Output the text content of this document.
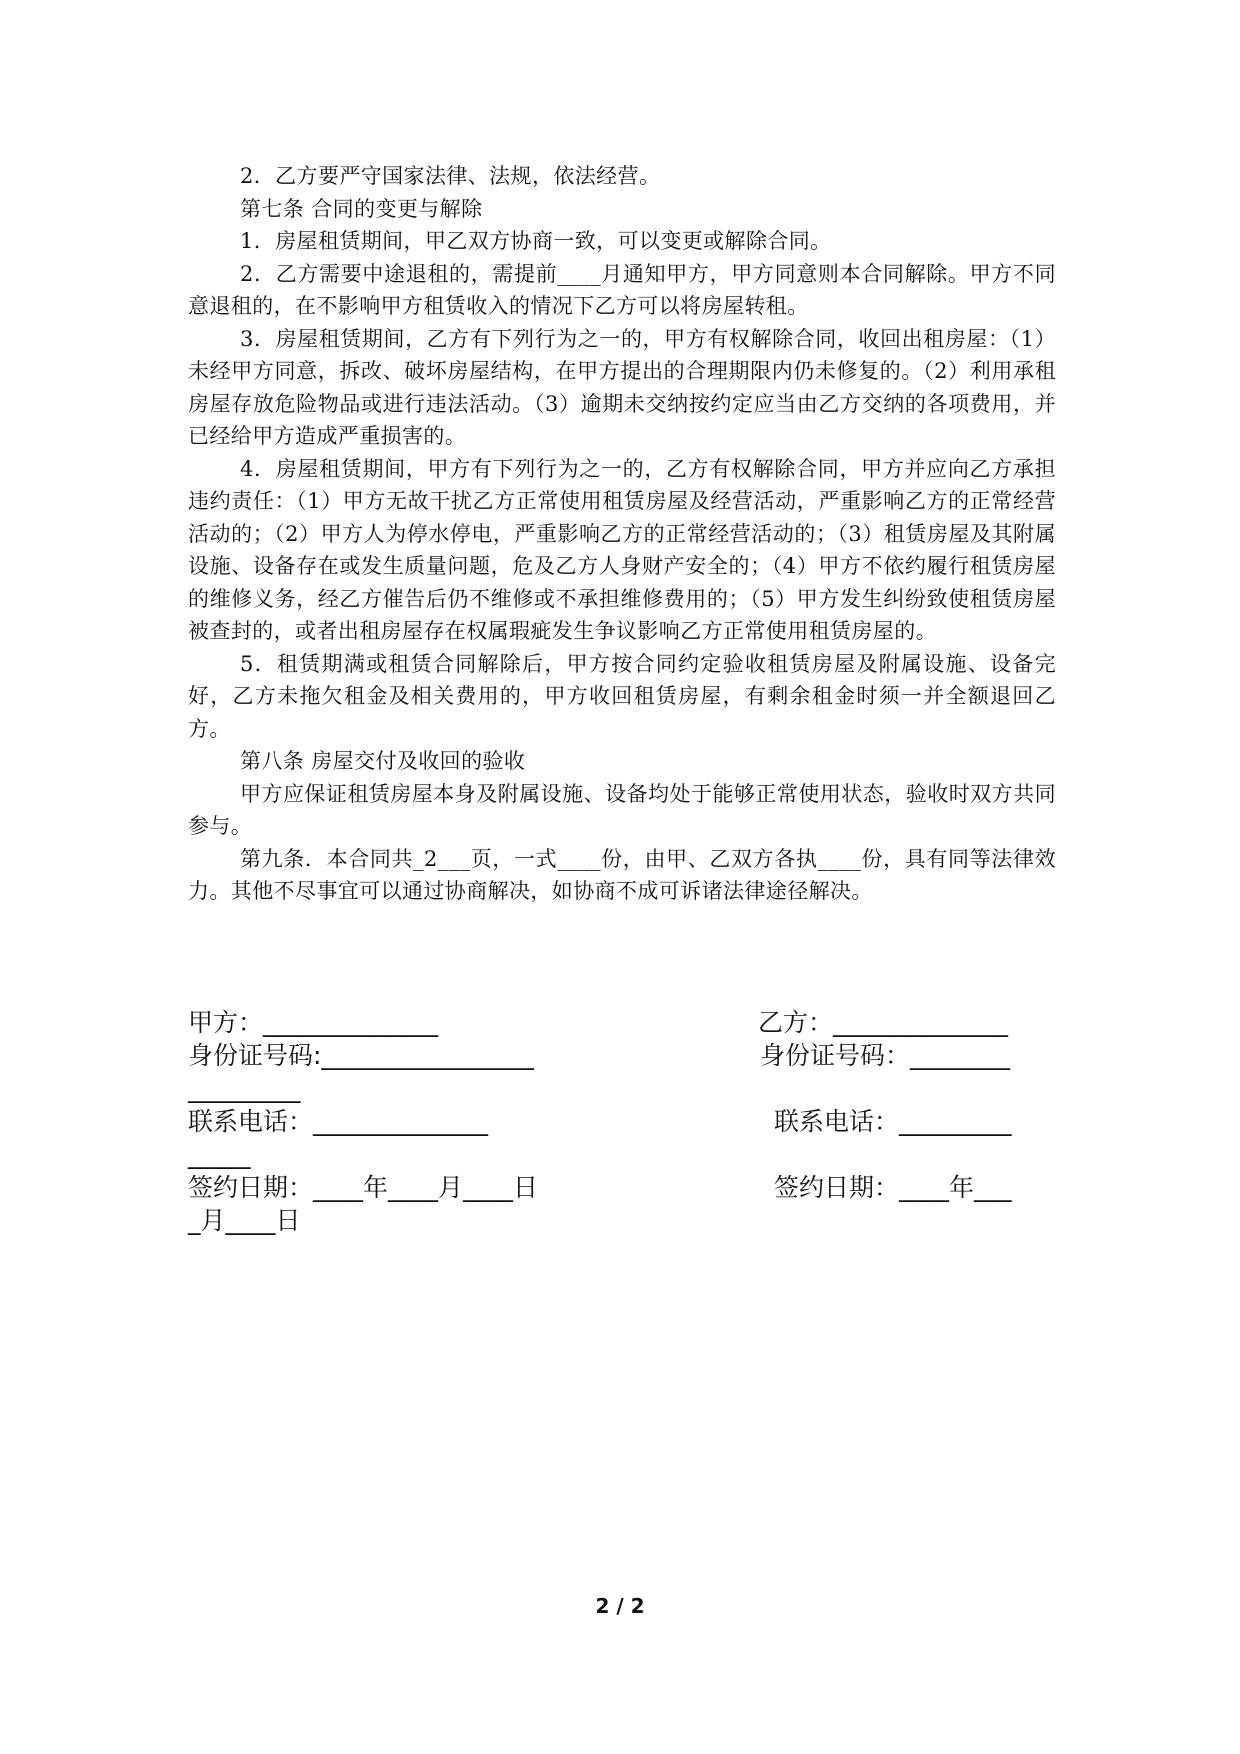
2．乙方要严守国家法律、法规，依法经营。

第七条 合同的变更与解除

1．房屋租赁期间，甲乙双方协商一致，可以变更或解除合同。

2．乙方需要中途退租的，需提前____月通知甲方，甲方同意则本合同解除。甲方不同意退租的，在不影响甲方租赁收入的情况下乙方可以将房屋转租。

3．房屋租赁期间，乙方有下列行为之一的，甲方有权解除合同，收回出租房屋：（1）未经甲方同意，拆改、破坏房屋结构，在甲方提出的合理期限内仍未修复的。（2）利用承租房屋存放危险物品或进行违法活动。（3）逾期未交纳按约定应当由乙方交纳的各项费用，并已经给甲方造成严重损害的。

4．房屋租赁期间，甲方有下列行为之一的，乙方有权解除合同，甲方并应向乙方承担违约责任：（1）甲方无故干扰乙方正常使用租赁房屋及经营活动，严重影响乙方的正常经营活动的；（2）甲方人为停水停电，严重影响乙方的正常经营活动的；（3）租赁房屋及其附属设施、设备存在或发生质量问题，危及乙方人身财产安全的；（4）甲方不依约履行租赁房屋的维修义务，经乙方催告后仍不维修或不承担维修费用的；（5）甲方发生纠纷致使租赁房屋被查封的，或者出租房屋存在权属瑕疵发生争议影响乙方正常使用租赁房屋的。

5．租赁期满或租赁合同解除后，甲方按合同约定验收租赁房屋及附属设施、设备完好，乙方未拖欠租金及相关费用的，甲方收回租赁房屋，有剩余租金时须一并全额退回乙方。

第八条 房屋交付及收回的验收

甲方应保证租赁房屋本身及附属设施、设备均处于能够正常使用状态，验收时双方共同参与。

第九条．本合同共_2___页，一式____份，由甲、乙双方各执____份，具有同等法律效力。其他不尽事宜可以通过协商解决，如协商不成可诉诸法律途径解决。

甲方：______________	乙方：______________
身份证号码:_________________	身份证号码：________
_________
联系电话：______________	联系电话：_________
_____
签约日期：____年____月____日	签约日期：____年___
_月____日
2 / 2
